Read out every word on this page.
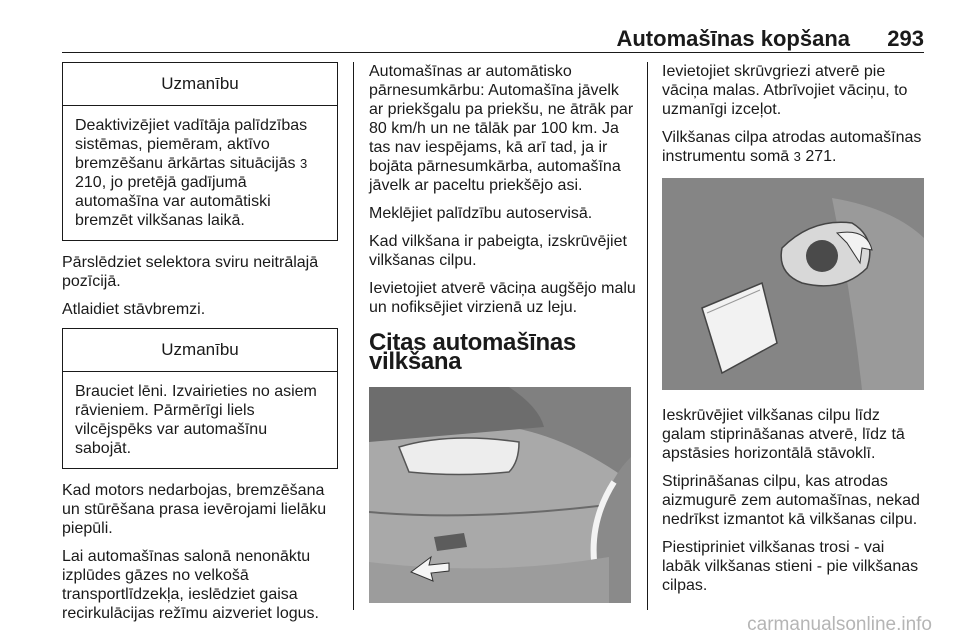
Automašīnas kopšana 293
Uzmanību

Deaktivizējiet vadītāja palīdzības sistēmas, piemēram, aktīvo bremzēšanu ārkārtas situācijās 3 210, jo pretējā gadījumā automašīna var automātiski bremzēt vilkšanas laikā.

Pārslēdziet selektora sviru neitrālajā pozīcijā.

Atlaidiet stāvbremzi.

Uzmanību

Brauciet lēni. Izvairieties no asiem rāvieniem. Pārmērīgi liels vilcējspēks var automašīnu sabojāt.

Kad motors nedarbojas, bremzēšana un stūrēšana prasa ievērojami lielāku piepūli.

Lai automašīnas salonā nenonāktu izplūdes gāzes no velkošā transportlīdzekļa, ieslēdziet gaisa recirkulācijas režīmu aizveriet logus.

Automašīnas ar automātisko pārnesumkārbu: Automašīna jāvelk ar priekšgalu pa priekšu, ne ātrāk par 80 km/h un ne tālāk par 100 km. Ja tas nav iespējams, kā arī tad, ja ir bojāta pārnesumkārba, automašīna jāvelk ar paceltu priekšējo asi.

Meklējiet palīdzību autoservisā.

Kad vilkšana ir pabeigta, izskrūvējiet vilkšanas cilpu.

Ievietojiet atverē vāciņa augšējo malu un nofiksējiet virzienā uz leju.

Citas automašīnas vilkšana

Ievietojiet skrūvgriezi atverē pie vāciņa malas. Atbrīvojiet vāciņu, to uzmanīgi izceļot.

Vilkšanas cilpa atrodas automašīnas instrumentu somā 3 271.

Ieskrūvējiet vilkšanas cilpu līdz galam stiprināšanas atverē, līdz tā apstāsies horizontālā stāvoklī.

Stiprināšanas cilpu, kas atrodas aizmugurē zem automašīnas, nekad nedrīkst izmantot kā vilkšanas cilpu.

Piestipriniet vilkšanas trosi - vai labāk vilkšanas stieni - pie vilkšanas cilpas.

carmanualsonline.info
